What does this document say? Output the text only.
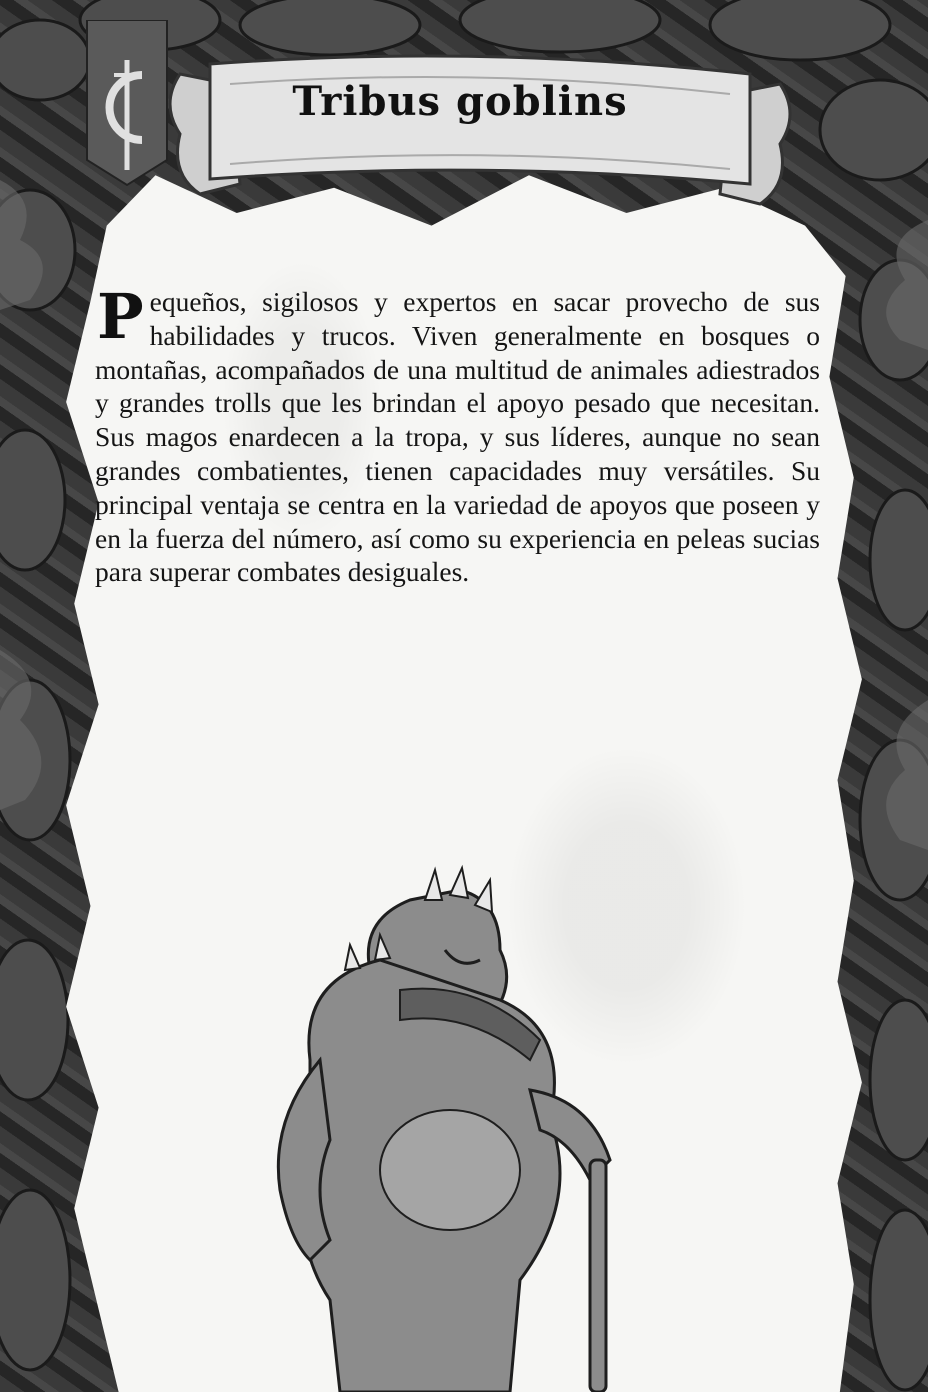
Tribus goblins
Pequeños, sigilosos y expertos en sacar provecho de sus habilidades y trucos. Viven generalmente en bosques o montañas, acompañados de una multitud de animales adiestrados y grandes trolls que les brindan el apoyo pesado que necesitan. Sus magos enardecen a la tropa, y sus líderes, aunque no sean grandes combatientes, tienen capacidades muy versátiles. Su principal ventaja se centra en la variedad de apoyos que poseen y en la fuerza del número, así como su experiencia en peleas sucias para superar combates desiguales.
